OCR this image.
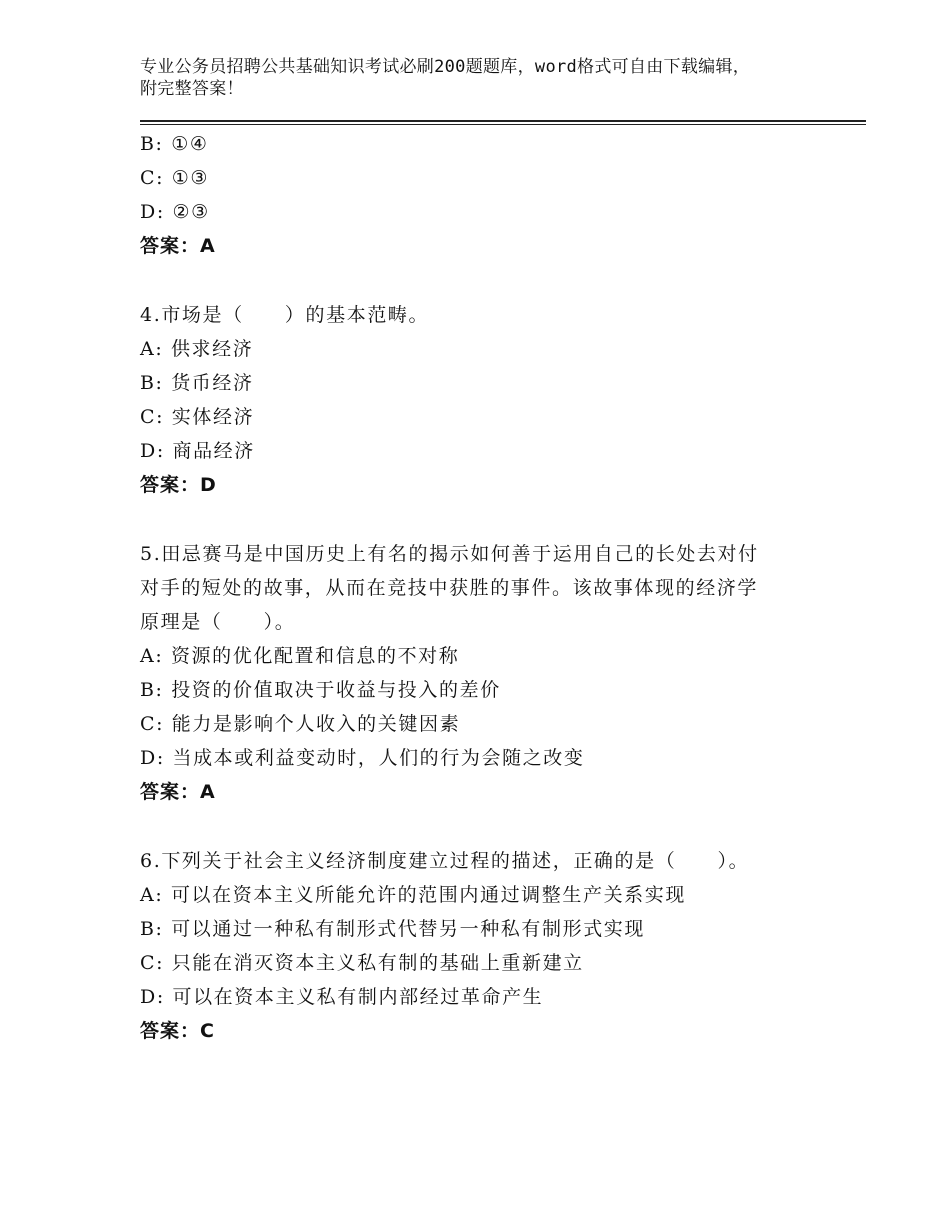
专业公务员招聘公共基础知识考试必刷200题题库，word格式可自由下载编辑，
附完整答案！
B: ①④
C: ①③
D: ②③
答案：A
4.市场是（　　）的基本范畴。
A: 供求经济
B: 货币经济
C: 实体经济
D: 商品经济
答案：D
5.田忌赛马是中国历史上有名的揭示如何善于运用自己的长处去对付
对手的短处的故事，从而在竞技中获胜的事件。该故事体现的经济学
原理是（　　）。
A: 资源的优化配置和信息的不对称
B: 投资的价值取决于收益与投入的差价
C: 能力是影响个人收入的关键因素
D: 当成本或利益变动时，人们的行为会随之改变
答案：A
6.下列关于社会主义经济制度建立过程的描述，正确的是（　　）。
A: 可以在资本主义所能允许的范围内通过调整生产关系实现
B: 可以通过一种私有制形式代替另一种私有制形式实现
C: 只能在消灭资本主义私有制的基础上重新建立
D: 可以在资本主义私有制内部经过革命产生
答案：C
